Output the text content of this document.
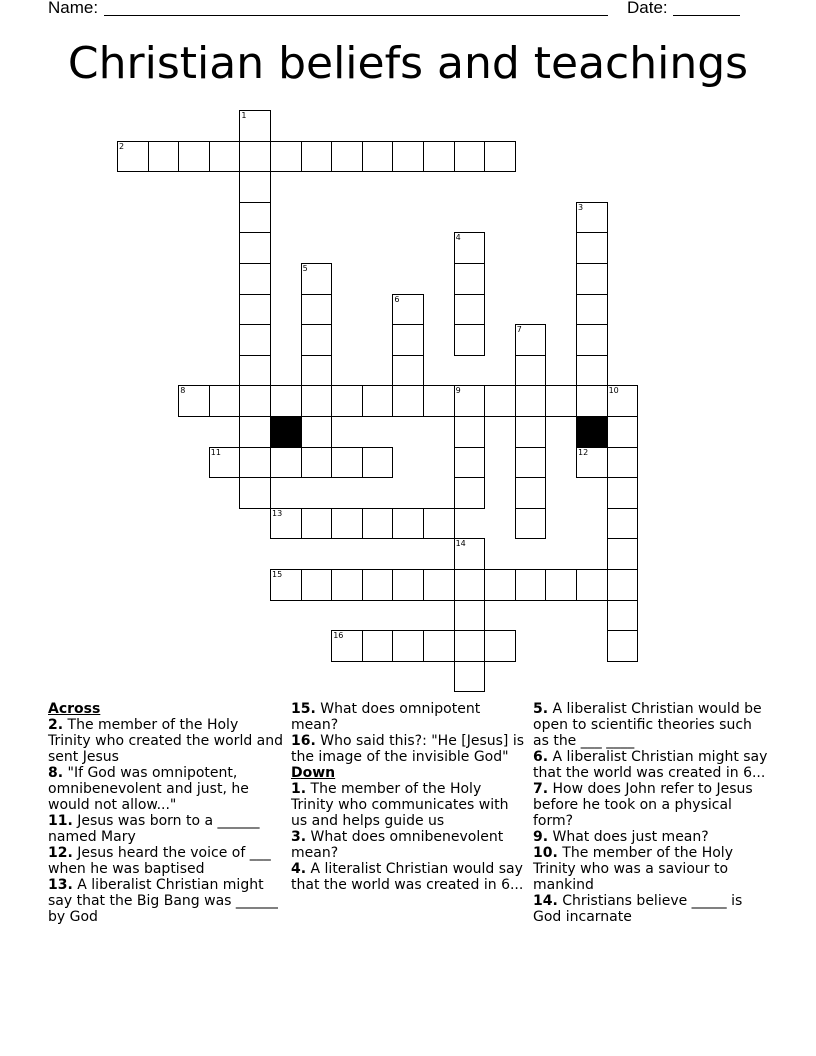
Name:	Date:
Christian beliefs and teachings
1
2
3
4
5
6
7
8	9	10
11	12
13
14
15
16
Across
2. The member of the Holy Trinity who created the world and sent Jesus
8. "If God was omnipotent, omnibenevolent and just, he would not allow..."
11. Jesus was born to a ______ named Mary
12. Jesus heard the voice of ___ when he was baptised
13. A liberalist Christian might say that the Big Bang was ______ by God
15. What does omnipotent mean?
16. Who said this?: "He [Jesus] is the image of the invisible God"
Down
1. The member of the Holy Trinity who communicates with us and helps guide us
3. What does omnibenevolent mean?
4. A literalist Christian would say that the world was created in 6...
5. A liberalist Christian would be open to scientific theories such as the ___ ____
6. A liberalist Christian might say that the world was created in 6...
7. How does John refer to Jesus before he took on a physical form?
9. What does just mean?
10. The member of the Holy Trinity who was a saviour to mankind
14. Christians believe _____ is God incarnate
